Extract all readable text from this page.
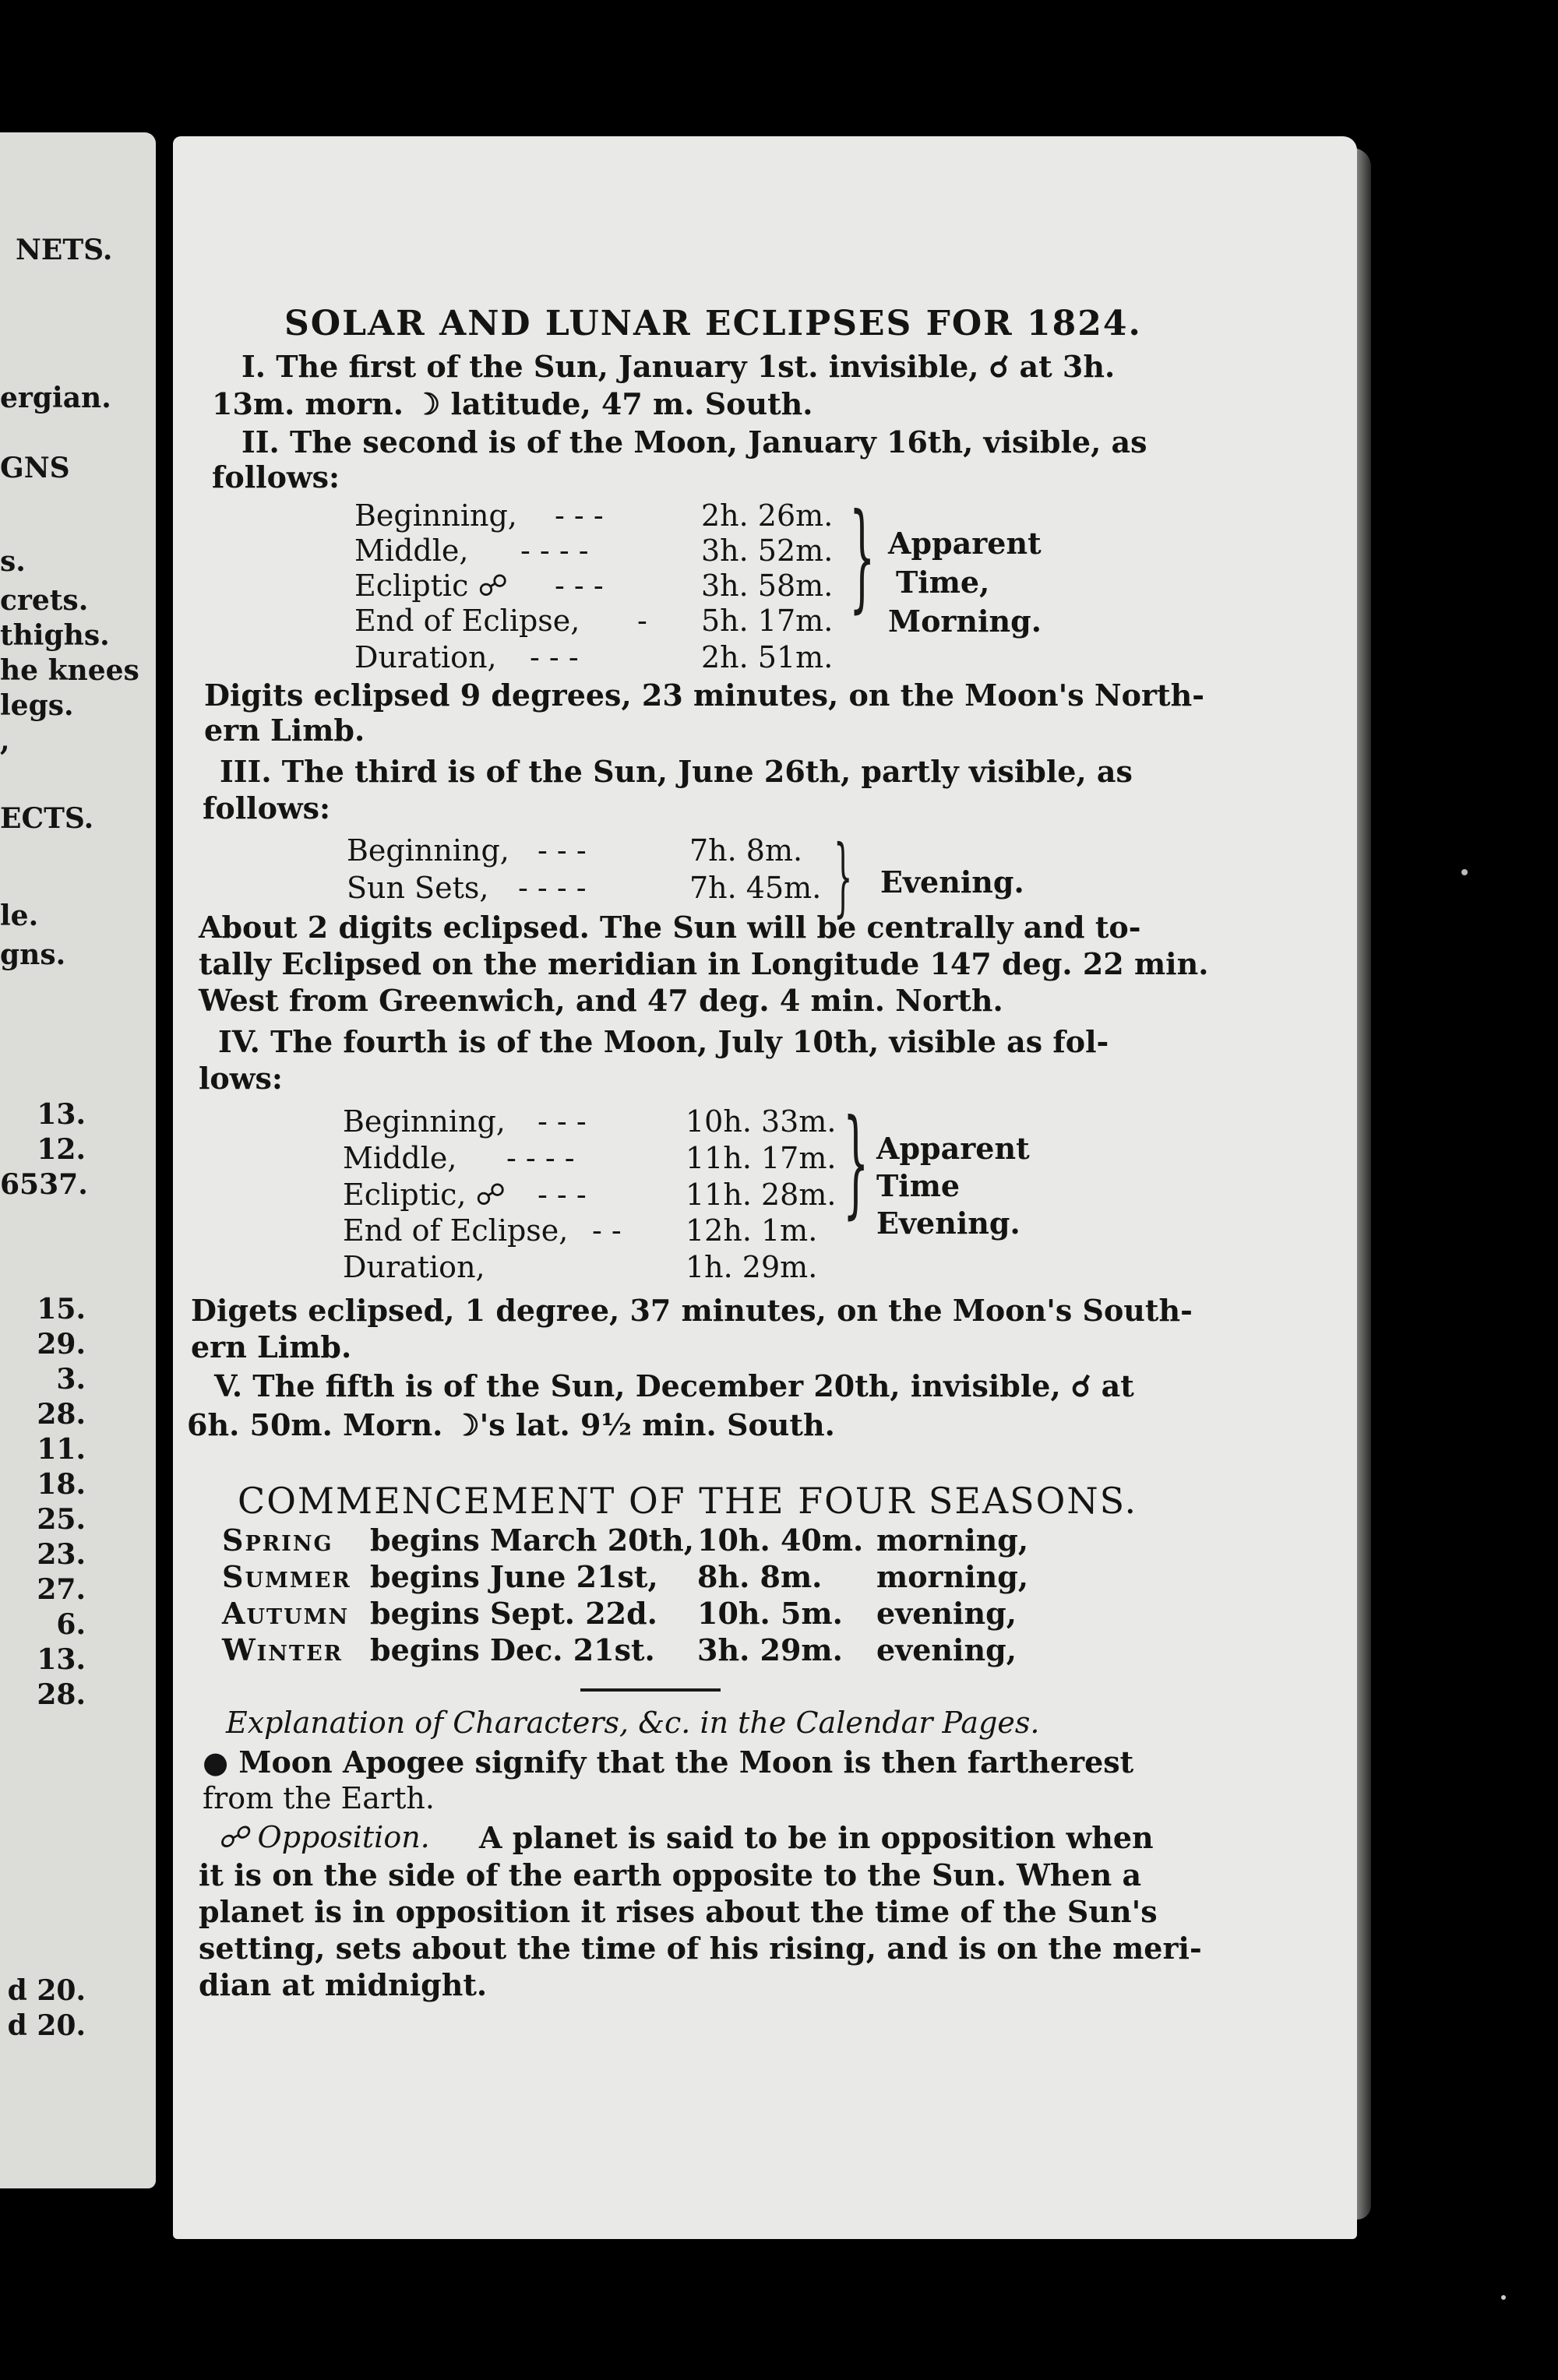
NETS.
ergian.
GNS
s.
crets.
thighs.
he knees
legs.
,
ECTS.
le.
gns.
13.
12.
6537.
15.
29.
3.
28.
11.
18.
25.
23.
27.
6.
13.
28.
d 20.
d 20.
SOLAR AND LUNAR ECLIPSES FOR 1824.
I. The first of the Sun, January 1st. invisible, ☌ at 3h.
13m. morn. ☽ latitude, 47 m. South.
II. The second is of the Moon, January 16th, visible, as
follows:
Beginning, - - -	2h. 26m.
Middle, - - - -	3h. 52m.
Ecliptic ☍ - - -	3h. 58m.
End of Eclipse, - 5h. 17m.
Duration, - - -	2h. 51m.
} Apparent
Time,
Morning.
Digits eclipsed 9 degrees, 23 minutes, on the Moon's North-
ern Limb.
III. The third is of the Sun, June 26th, partly visible, as
follows:
Beginning, - - -	7h. 8m.
Sun Sets, - - - -	7h. 45m. } Evening.
About 2 digits eclipsed. The Sun will be centrally and to-
tally Eclipsed on the meridian in Longitude 147 deg. 22 min.
West from Greenwich, and 47 deg. 4 min. North.
IV. The fourth is of the Moon, July 10th, visible as fol-
lows:
Beginning, - - -	10h. 33m.
Middle, - - - -	11h. 17m.
Ecliptic, ☍ - - -	11h. 28m.
End of Eclipse, - - 12h. 1m.
Duration,	1h. 29m.
} Apparent
Time
Evening.
Digets eclipsed, 1 degree, 37 minutes, on the Moon's South-
ern Limb.
V. The fifth is of the Sun, December 20th, invisible, ☌ at
6h. 50m. Morn. ☽'s lat. 9½ min. South.
COMMENCEMENT OF THE FOUR SEASONS.
Spring begins March 20th, 10h. 40m. morning,
Summer begins June 21st, 8h. 8m. morning,
Autumn begins Sept. 22d. 10h. 5m. evening,
Winter begins Dec. 21st. 3h. 29m. evening,
Explanation of Characters, &c. in the Calendar Pages.
● Moon Apogee signify that the Moon is then fartherest
from the Earth.
☍ Opposition. A planet is said to be in opposition when
it is on the side of the earth opposite to the Sun. When a
planet is in opposition it rises about the time of the Sun's
setting, sets about the time of his rising, and is on the meri-
dian at midnight.
